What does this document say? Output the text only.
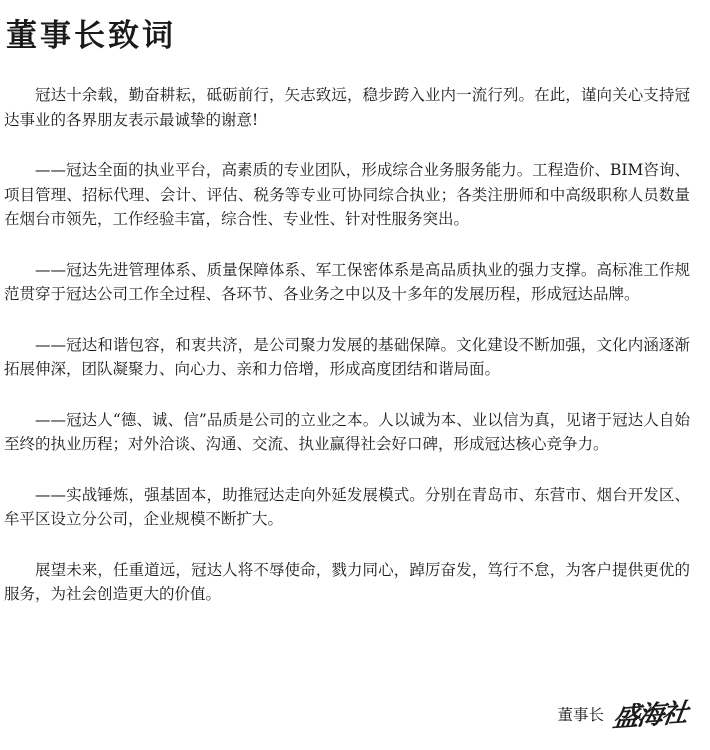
董事长致词

冠达十余载，勤奋耕耘，砥砺前行，矢志致远，稳步跨入业内一流行列。在此，谨向关心支持冠达事业的各界朋友表示最诚挚的谢意!

——冠达全面的执业平台，高素质的专业团队，形成综合业务服务能力。工程造价、BIM咨询、项目管理、招标代理、会计、评估、税务等专业可协同综合执业；各类注册师和中高级职称人员数量在烟台市领先，工作经验丰富，综合性、专业性、针对性服务突出。

——冠达先进管理体系、质量保障体系、军工保密体系是高品质执业的强力支撑。高标准工作规范贯穿于冠达公司工作全过程、各环节、各业务之中以及十多年的发展历程，形成冠达品牌。

——冠达和谐包容，和衷共济，是公司聚力发展的基础保障。文化建设不断加强，文化内涵逐渐拓展伸深，团队凝聚力、向心力、亲和力倍增，形成高度团结和谐局面。

——冠达人“德、诚、信”品质是公司的立业之本。人以诚为本、业以信为真，见诸于冠达人自始至终的执业历程；对外洽谈、沟通、交流、执业赢得社会好口碑，形成冠达核心竞争力。

——实战锤炼，强基固本，助推冠达走向外延发展模式。分别在青岛市、东营市、烟台开发区、牟平区设立分公司，企业规模不断扩大。

展望未来，任重道远，冠达人将不辱使命，戮力同心，踔厉奋发，笃行不怠，为客户提供更优的服务，为社会创造更大的价值。

董事长 盛海社
